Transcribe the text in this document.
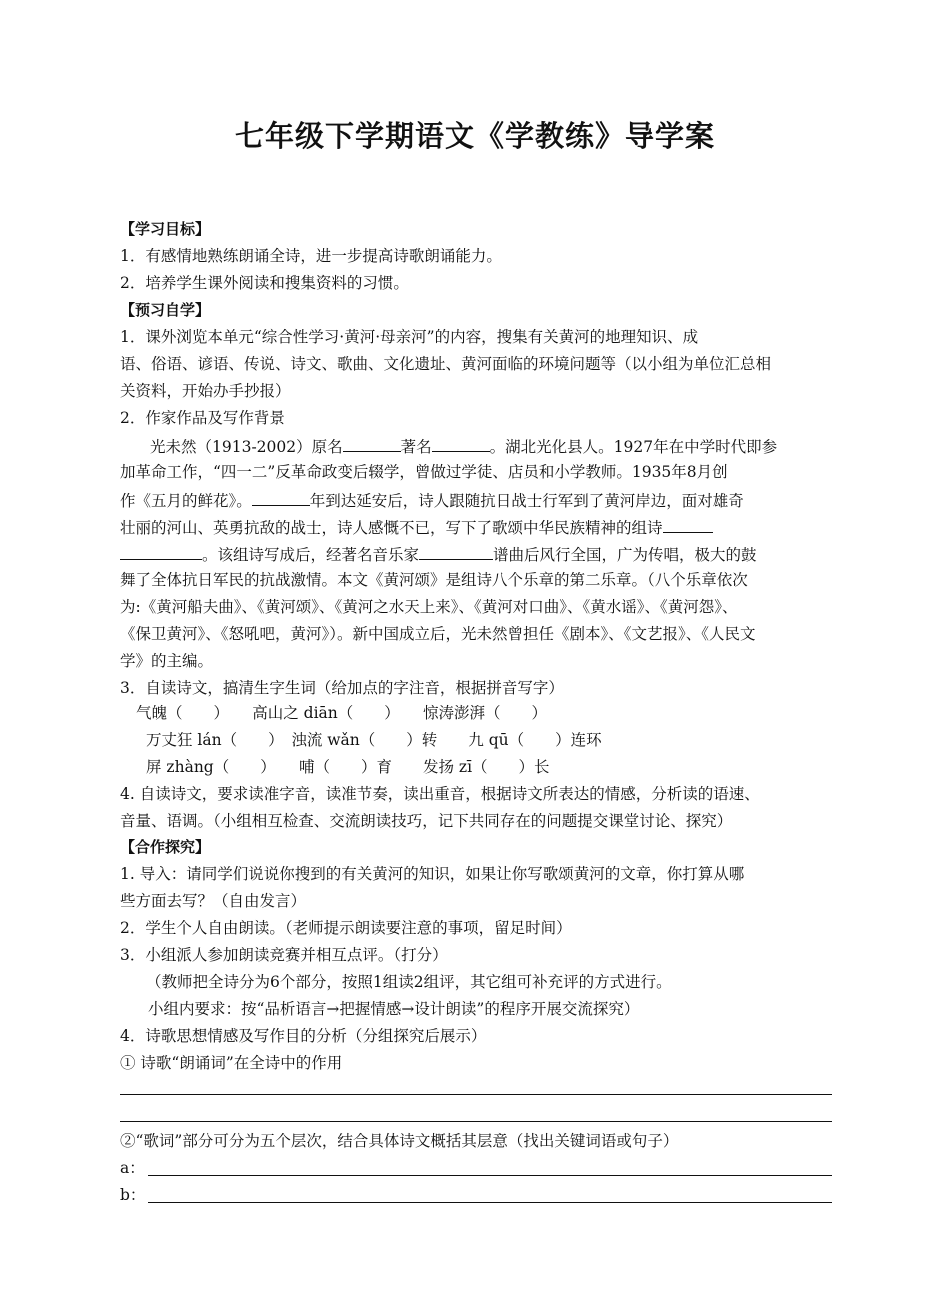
七年级下学期语文《学教练》导学案
【学习目标】
1．有感情地熟练朗诵全诗，进一步提高诗歌朗诵能力。
2．培养学生课外阅读和搜集资料的习惯。
【预习自学】
1．课外浏览本单元“综合性学习·黄河·母亲河”的内容，搜集有关黄河的地理知识、成
语、俗语、谚语、传说、诗文、歌曲、文化遗址、黄河面临的环境问题等（以小组为单位汇总相
关资料，开始办手抄报）
2．作家作品及写作背景
光未然（1913-2002）原名	著名	。湖北光化县人。1927年在中学时代即参
加革命工作，“四一二”反革命政变后辍学，曾做过学徒、店员和小学教师。1935年8月创
作《五月的鲜花》。	年到达延安后，诗人跟随抗日战士行军到了黄河岸边，面对雄奇
壮丽的河山、英勇抗敌的战士，诗人感慨不已，写下了歌颂中华民族精神的组诗
。该组诗写成后，经著名音乐家	谱曲后风行全国，广为传唱，极大的鼓
舞了全体抗日军民的抗战激情。本文《黄河颂》是组诗八个乐章的第二乐章。（八个乐章依次
为:《黄河船夫曲》、《黄河颂》、《黄河之水天上来》、《黄河对口曲》、《黄水谣》、《黄河怨》、
《保卫黄河》、《怒吼吧，黄河》）。新中国成立后，光未然曾担任《剧本》、《文艺报》、《人民文
学》的主编。
3．自读诗文，搞清生字生词（给加点的字注音，根据拼音写字）
气魄（　　）　　高山之 diān（　　）　　惊涛澎湃（　　）
万丈狂 lán（　　）　浊流 wǎn（　　）转　　九 qū（　　）连环
屏 zhàng（　　）　　哺（　　）育　　发扬 zī（　　）长
4. 自读诗文，要求读准字音，读准节奏，读出重音，根据诗文所表达的情感，分析读的语速、
音量、语调。（小组相互检查、交流朗读技巧，记下共同存在的问题提交课堂讨论、探究）
【合作探究】
1. 导入：请同学们说说你搜到的有关黄河的知识，如果让你写歌颂黄河的文章，你打算从哪
些方面去写？（自由发言）
2．学生个人自由朗读。（老师提示朗读要注意的事项，留足时间）
3．小组派人参加朗读竞赛并相互点评。（打分）
（教师把全诗分为6个部分，按照1组读2组评，其它组可补充评的方式进行。
小组内要求：按“品析语言→把握情感→设计朗读”的程序开展交流探究）
4．诗歌思想情感及写作目的分析（分组探究后展示）
① 诗歌“朗诵词”在全诗中的作用
②“歌词”部分可分为五个层次，结合具体诗文概括其层意（找出关键词语或句子）
a：
b：
